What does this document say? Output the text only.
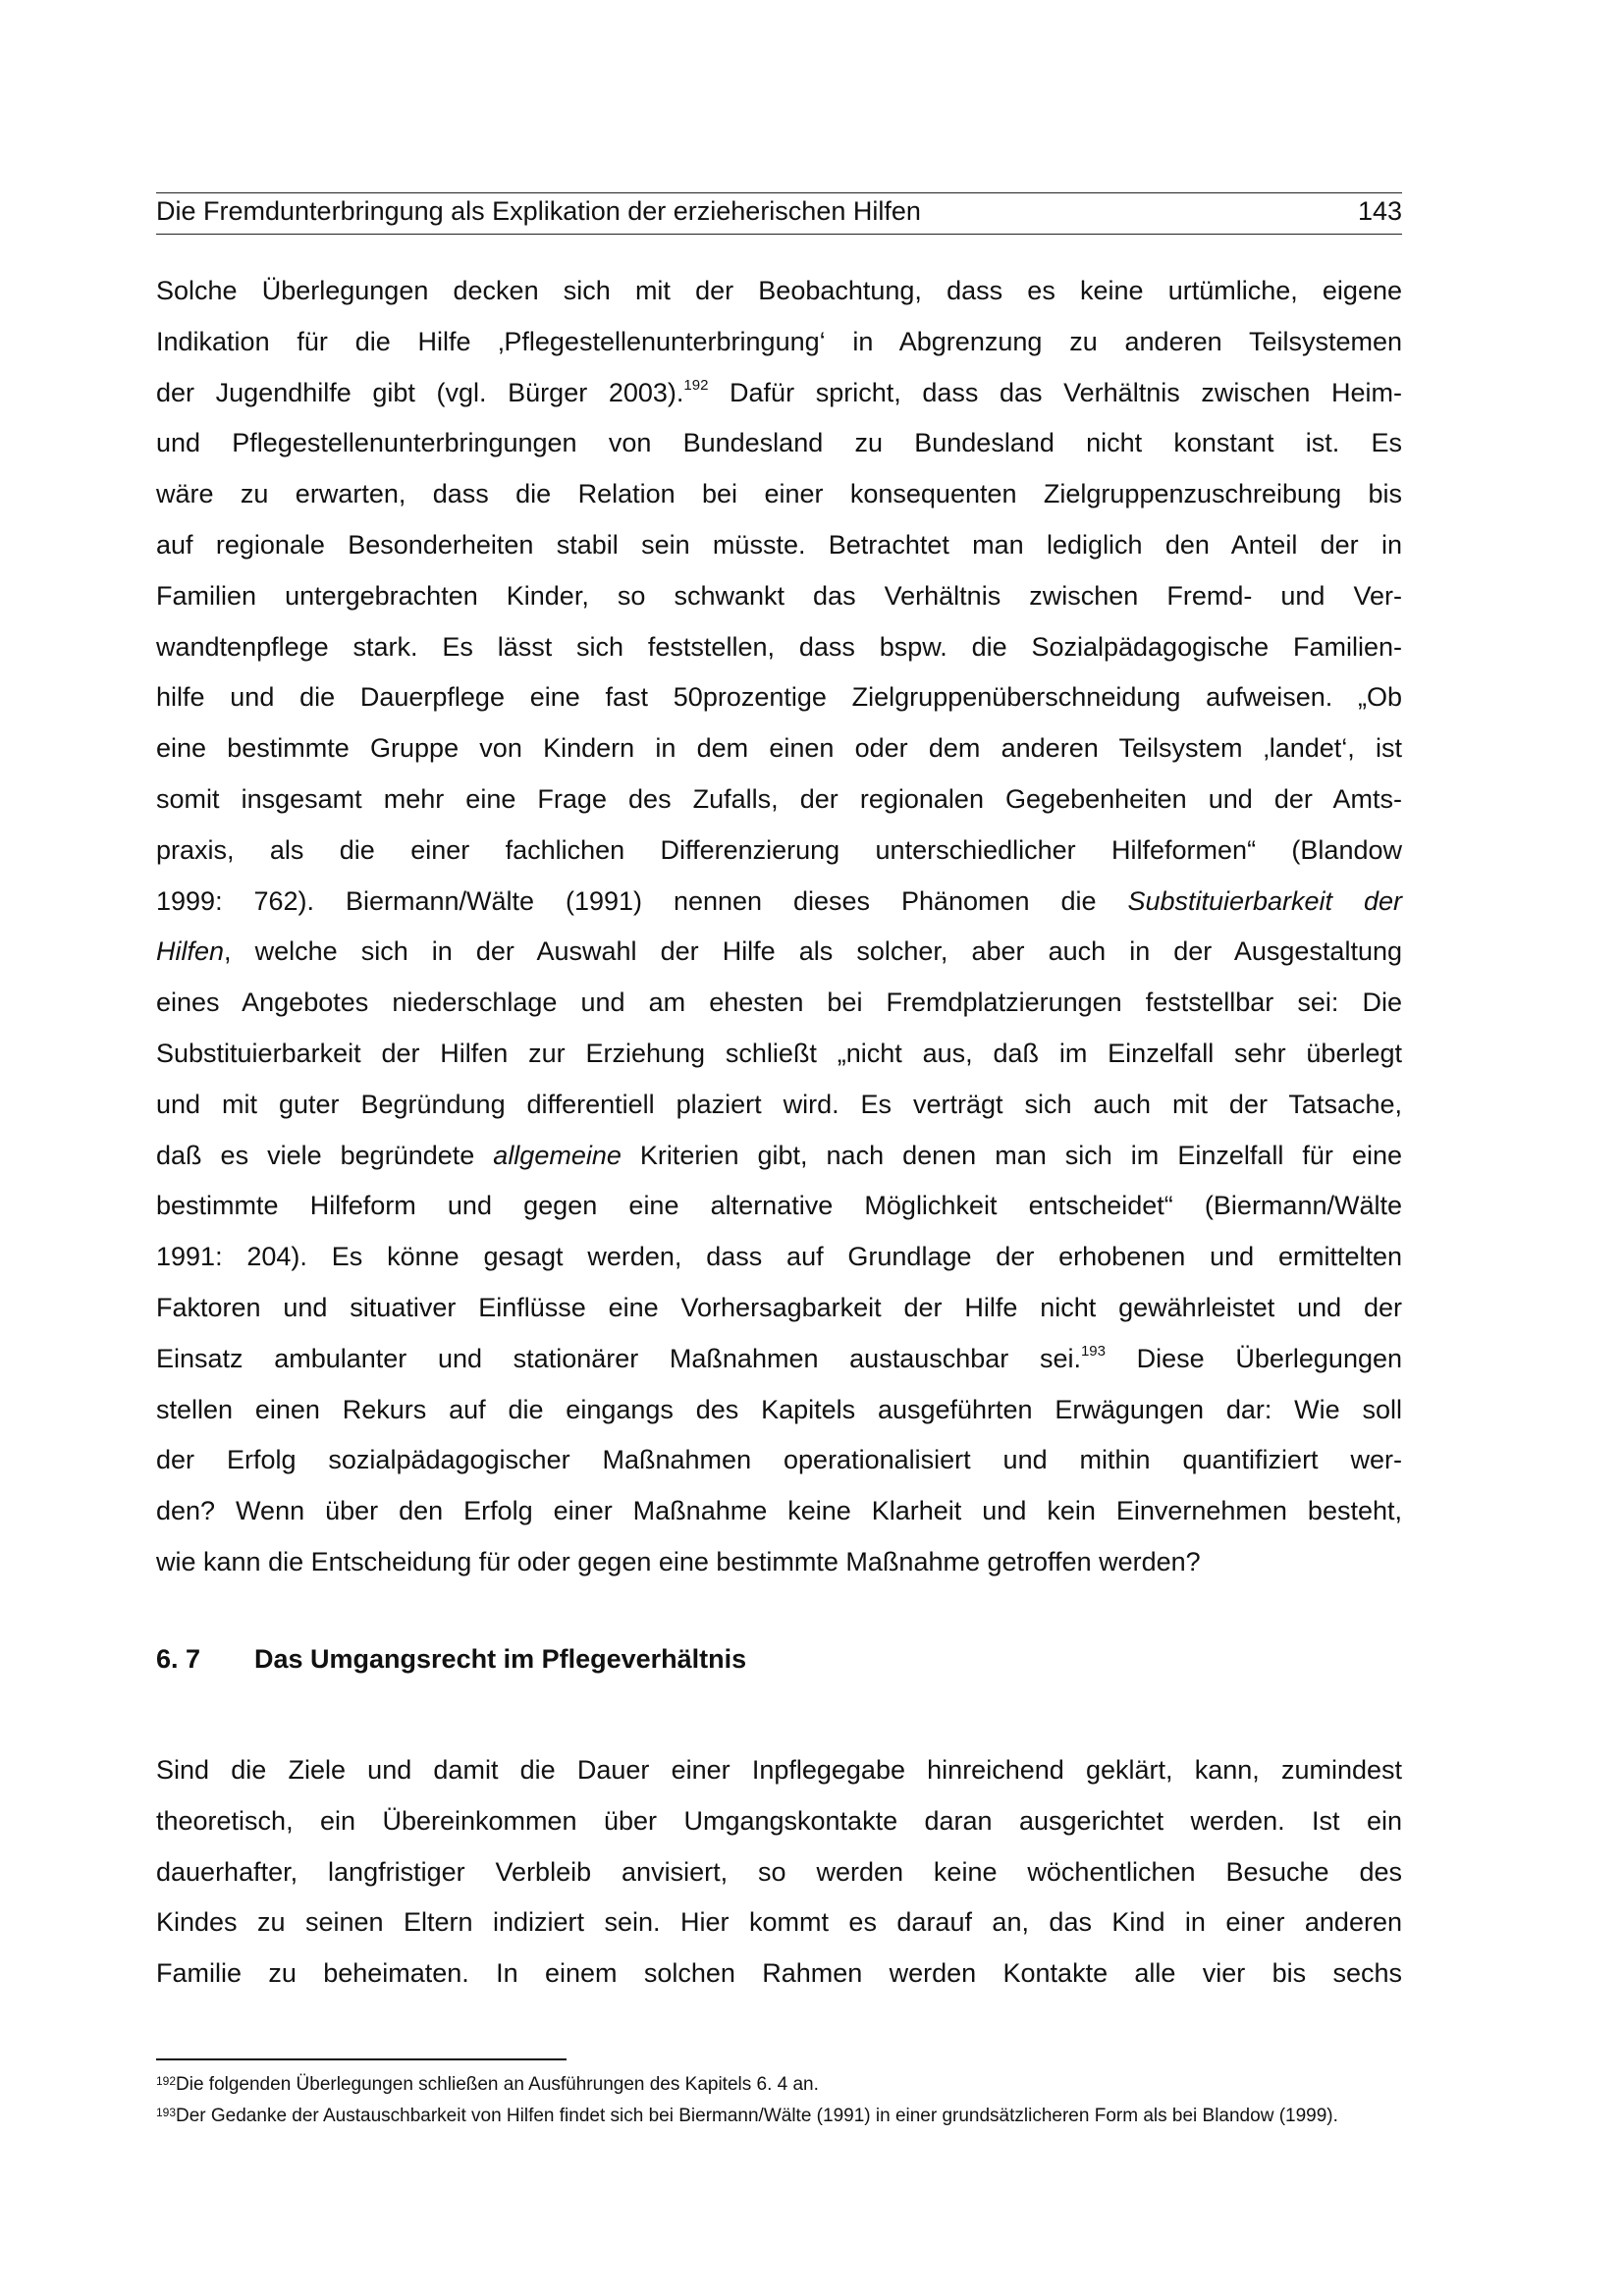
Die Fremdunterbringung als Explikation der erzieherischen Hilfen	143
Solche Überlegungen decken sich mit der Beobachtung, dass es keine urtümliche, eigene
Indikation für die Hilfe ‚Pflegestellenunterbringung‘ in Abgrenzung zu anderen Teilsystemen
der Jugendhilfe gibt (vgl. Bürger 2003).$^{192}$ Dafür spricht, dass das Verhältnis zwischen Heim-
und Pflegestellenunterbringungen von Bundesland zu Bundesland nicht konstant ist. Es
wäre zu erwarten, dass die Relation bei einer konsequenten Zielgruppenzuschreibung bis
auf regionale Besonderheiten stabil sein müsste. Betrachtet man lediglich den Anteil der in
Familien untergebrachten Kinder, so schwankt das Verhältnis zwischen Fremd- und Ver-
wandtenpflege stark. Es lässt sich feststellen, dass bspw. die Sozialpädagogische Familien-
hilfe und die Dauerpflege eine fast 50prozentige Zielgruppenüberschneidung aufweisen. „Ob
eine bestimmte Gruppe von Kindern in dem einen oder dem anderen Teilsystem ‚landet‘, ist
somit insgesamt mehr eine Frage des Zufalls, der regionalen Gegebenheiten und der Amts-
praxis, als die einer fachlichen Differenzierung unterschiedlicher Hilfeformen“ (Blandow
1999: 762). Biermann/Wälte (1991) nennen dieses Phänomen die Substituierbarkeit der
Hilfen, welche sich in der Auswahl der Hilfe als solcher, aber auch in der Ausgestaltung
eines Angebotes niederschlage und am ehesten bei Fremdplatzierungen feststellbar sei: Die
Substituierbarkeit der Hilfen zur Erziehung schließt „nicht aus, daß im Einzelfall sehr überlegt
und mit guter Begründung differentiell plaziert wird. Es verträgt sich auch mit der Tatsache,
daß es viele begründete allgemeine Kriterien gibt, nach denen man sich im Einzelfall für eine
bestimmte Hilfeform und gegen eine alternative Möglichkeit entscheidet“ (Biermann/Wälte
1991: 204). Es könne gesagt werden, dass auf Grundlage der erhobenen und ermittelten
Faktoren und situativer Einflüsse eine Vorhersagbarkeit der Hilfe nicht gewährleistet und der
Einsatz ambulanter und stationärer Maßnahmen austauschbar sei.$^{193}$ Diese Überlegungen
stellen einen Rekurs auf die eingangs des Kapitels ausgeführten Erwägungen dar: Wie soll
der Erfolg sozialpädagogischer Maßnahmen operationalisiert und mithin quantifiziert wer-
den? Wenn über den Erfolg einer Maßnahme keine Klarheit und kein Einvernehmen besteht,
wie kann die Entscheidung für oder gegen eine bestimmte Maßnahme getroffen werden?
6. 7 Das Umgangsrecht im Pflegeverhältnis
Sind die Ziele und damit die Dauer einer Inpflegegabe hinreichend geklärt, kann, zumindest
theoretisch, ein Übereinkommen über Umgangskontakte daran ausgerichtet werden. Ist ein
dauerhafter, langfristiger Verbleib anvisiert, so werden keine wöchentlichen Besuche des
Kindes zu seinen Eltern indiziert sein. Hier kommt es darauf an, das Kind in einer anderen
Familie zu beheimaten. In einem solchen Rahmen werden Kontakte alle vier bis sechs
192 Die folgenden Überlegungen schließen an Ausführungen des Kapitels 6. 4 an.
193 Der Gedanke der Austauschbarkeit von Hilfen findet sich bei Biermann/Wälte (1991) in einer grundsätzlicheren Form als bei Blandow (1999).
